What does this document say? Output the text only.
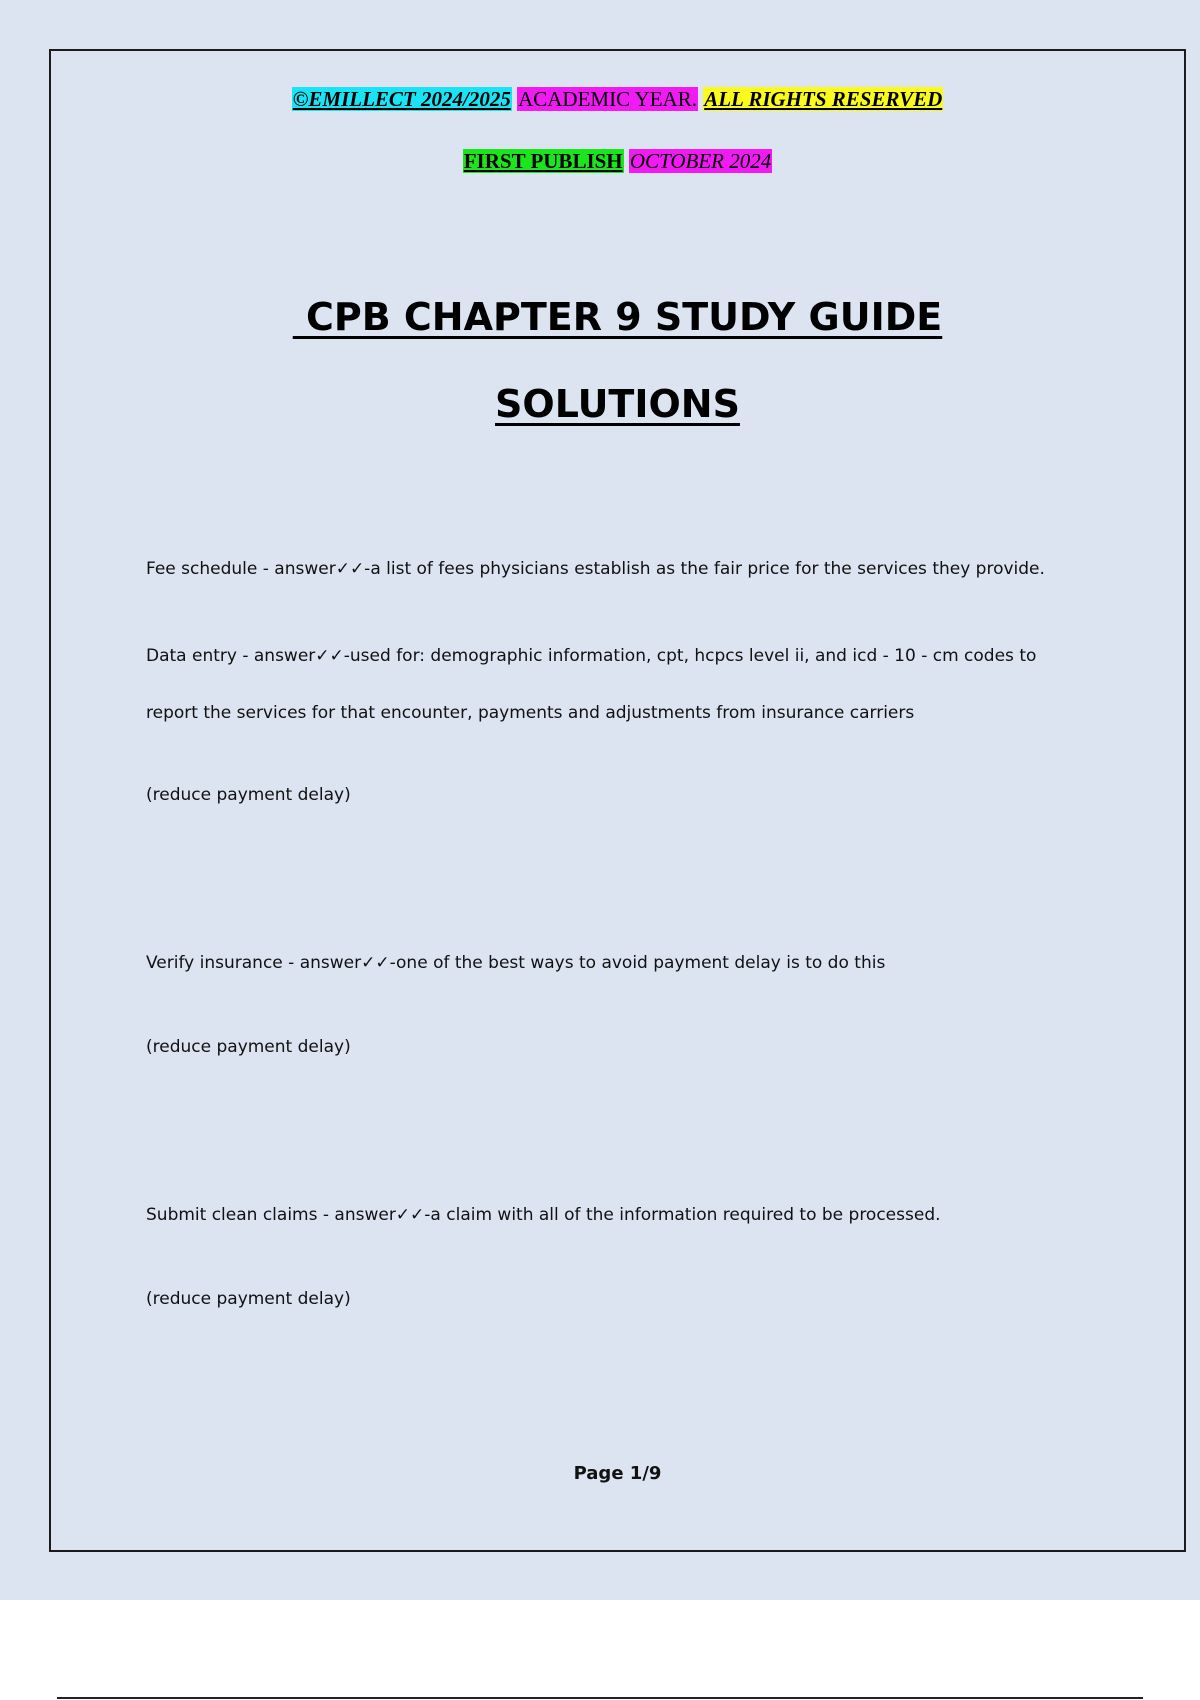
©EMILLECT 2024/2025 ACADEMIC YEAR. ALL RIGHTS RESERVED
FIRST PUBLISH OCTOBER 2024
CPB CHAPTER 9 STUDY GUIDE
SOLUTIONS
Fee schedule - answer✓✓-a list of fees physicians establish as the fair price for the services they provide.
Data entry - answer✓✓-used for: demographic information, cpt, hcpcs level ii, and icd - 10 - cm codes to
report the services for that encounter, payments and adjustments from insurance carriers
(reduce payment delay)
Verify insurance - answer✓✓-one of the best ways to avoid payment delay is to do this
(reduce payment delay)
Submit clean claims - answer✓✓-a claim with all of the information required to be processed.
(reduce payment delay)
Page 1/9
